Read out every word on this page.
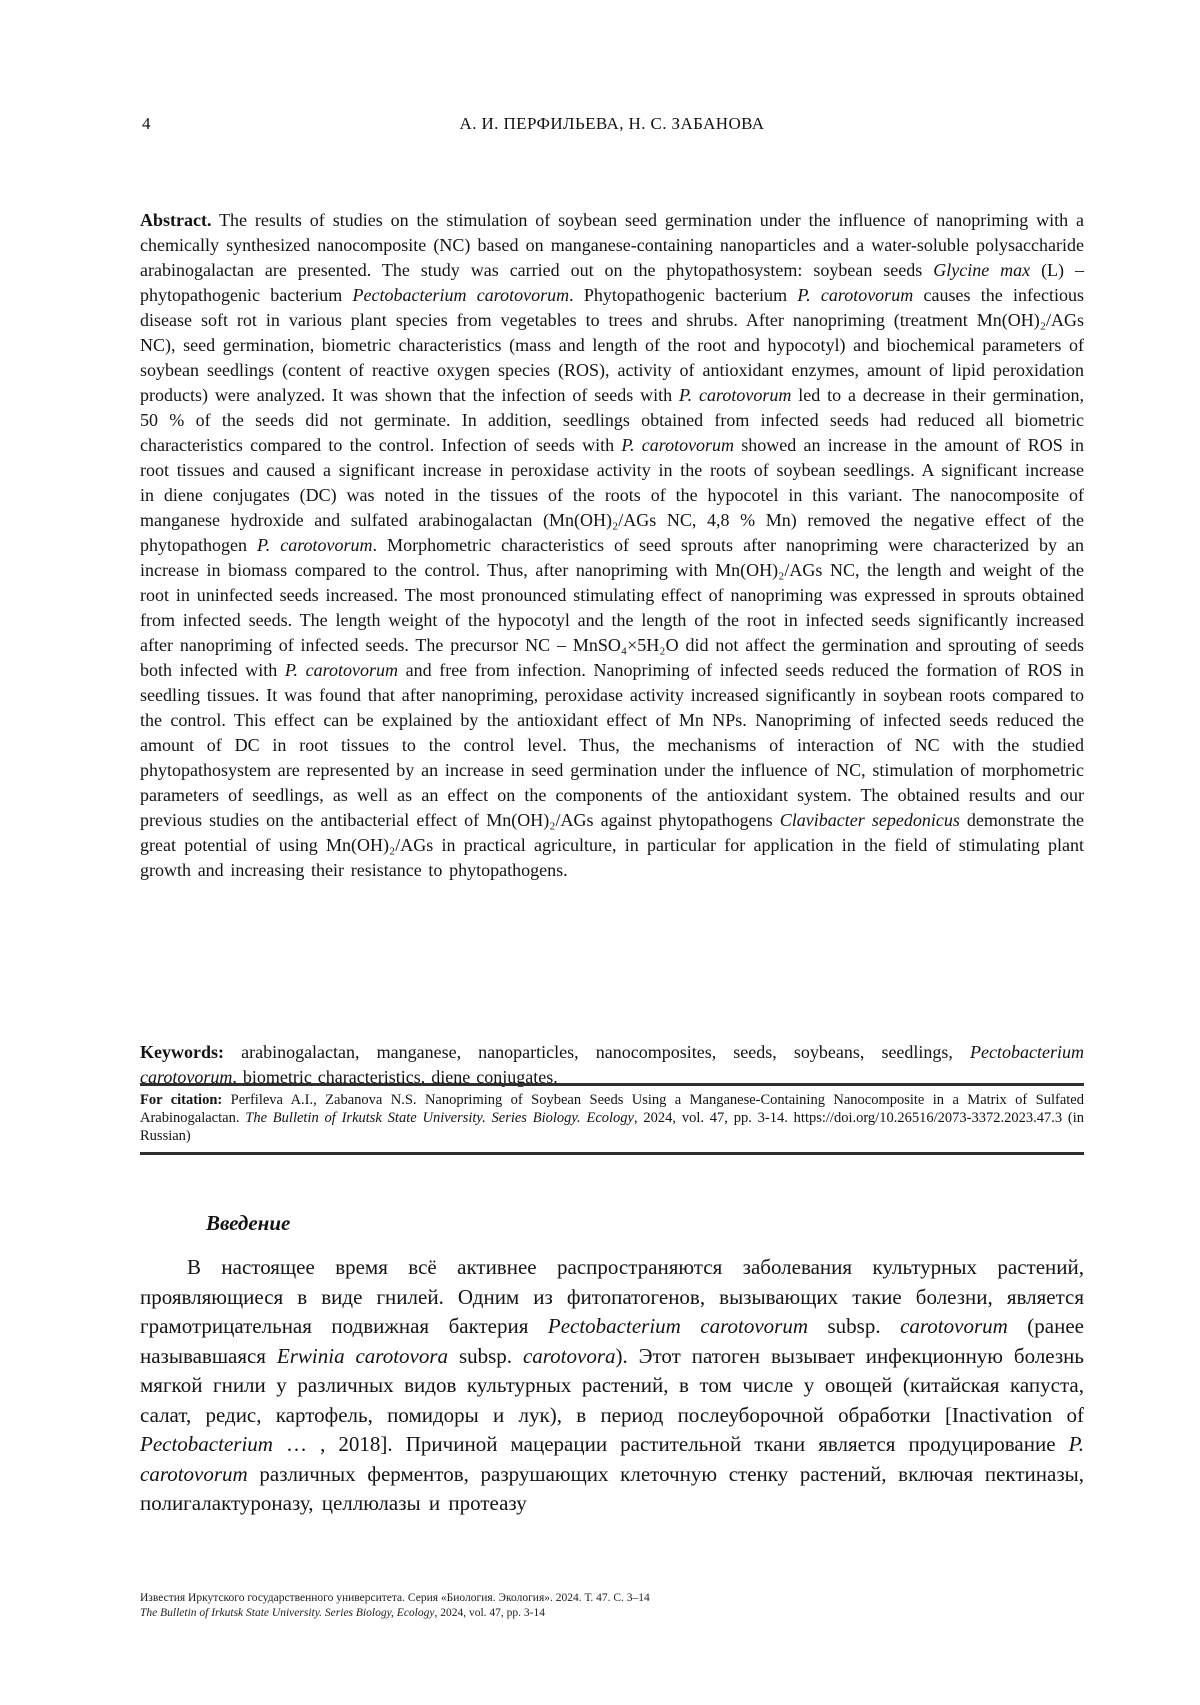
4	А. И. ПЕРФИЛЬЕВА, Н. С. ЗАБАНОВА

Abstract. The results of studies on the stimulation of soybean seed germination under the influence of nanopriming with a chemically synthesized nanocomposite (NC) based on manganese-containing nanoparticles and a water-soluble polysaccharide arabinogalactan are presented. The study was carried out on the phytopathosystem: soybean seeds Glycine max (L) – phytopathogenic bacterium Pectobacterium carotovorum. Phytopathogenic bacterium P. carotovorum causes the infectious disease soft rot in various plant species from vegetables to trees and shrubs. After nanopriming (treatment Mn(OH)₂/AGs NC), seed germination, biometric characteristics (mass and length of the root and hypocotyl) and biochemical parameters of soybean seedlings (content of reactive oxygen species (ROS), activity of antioxidant enzymes, amount of lipid peroxidation products) were analyzed. It was shown that the infection of seeds with P. carotovorum led to a decrease in their germination, 50 % of the seeds did not germinate. In addition, seedlings obtained from infected seeds had reduced all biometric characteristics compared to the control. Infection of seeds with P. carotovorum showed an increase in the amount of ROS in root tissues and caused a significant increase in peroxidase activity in the roots of soybean seedlings. A significant increase in diene conjugates (DC) was noted in the tissues of the roots of the hypocotel in this variant. The nanocomposite of manganese hydroxide and sulfated arabinogalactan (Mn(OH)₂/AGs NC, 4,8 % Mn) removed the negative effect of the phytopathogen P. carotovorum. Morphometric characteristics of seed sprouts after nanopriming were characterized by an increase in biomass compared to the control. Thus, after nanopriming with Mn(OH)₂/AGs NC, the length and weight of the root in uninfected seeds increased. The most pronounced stimulating effect of nanopriming was expressed in sprouts obtained from infected seeds. The length weight of the hypocotyl and the length of the root in infected seeds significantly increased after nanopriming of infected seeds. The precursor NC – MnSO₄×5H₂O did not affect the germination and sprouting of seeds both infected with P. carotovorum and free from infection. Nanopriming of infected seeds reduced the formation of ROS in seedling tissues. It was found that after nanopriming, peroxidase activity increased significantly in soybean roots compared to the control. This effect can be explained by the antioxidant effect of Mn NPs. Nanopriming of infected seeds reduced the amount of DC in root tissues to the control level. Thus, the mechanisms of interaction of NC with the studied phytopathosystem are represented by an increase in seed germination under the influence of NC, stimulation of morphometric parameters of seedlings, as well as an effect on the components of the antioxidant system. The obtained results and our previous studies on the antibacterial effect of Mn(OH)₂/AGs against phytopathogens Clavibacter sepedonicus demonstrate the great potential of using Mn(OH)₂/AGs in practical agriculture, in particular for application in the field of stimulating plant growth and increasing their resistance to phytopathogens.

Keywords: arabinogalactan, manganese, nanoparticles, nanocomposites, seeds, soybeans, seedlings, Pectobacterium carotovorum, biometric characteristics, diene conjugates.

For citation: Perfileva A.I., Zabanova N.S. Nanopriming of Soybean Seeds Using a Manganese-Containing Nanocomposite in a Matrix of Sulfated Arabinogalactan. The Bulletin of Irkutsk State University. Series Biology. Ecology, 2024, vol. 47, pp. 3-14. https://doi.org/10.26516/2073-3372.2023.47.3 (in Russian)
Введение

В настоящее время всё активнее распространяются заболевания культурных растений, проявляющиеся в виде гнилей. Одним из фитопатогенов, вызывающих такие болезни, является грамотрицательная подвижная бактерия Pectobacterium carotovorum subsp. carotovorum (ранее называвшаяся Erwinia carotovora subsp. carotovora). Этот патоген вызывает инфекционную болезнь мягкой гнили у различных видов культурных растений, в том числе у овощей (китайская капуста, салат, редис, картофель, помидоры и лук), в период послеуборочной обработки [Inactivation of Pectobacterium … , 2018]. Причиной мацерации растительной ткани является продуцирование P. carotovorum различных ферментов, разрушающих клеточную стенку растений, включая пектиназы, полигалактуроназу, целлюлазы и протеазу

Известия Иркутского государственного университета. Серия «Биология. Экология». 2024. Т. 47. С. 3–14
The Bulletin of Irkutsk State University. Series Biology, Ecology, 2024, vol. 47, pp. 3-14
